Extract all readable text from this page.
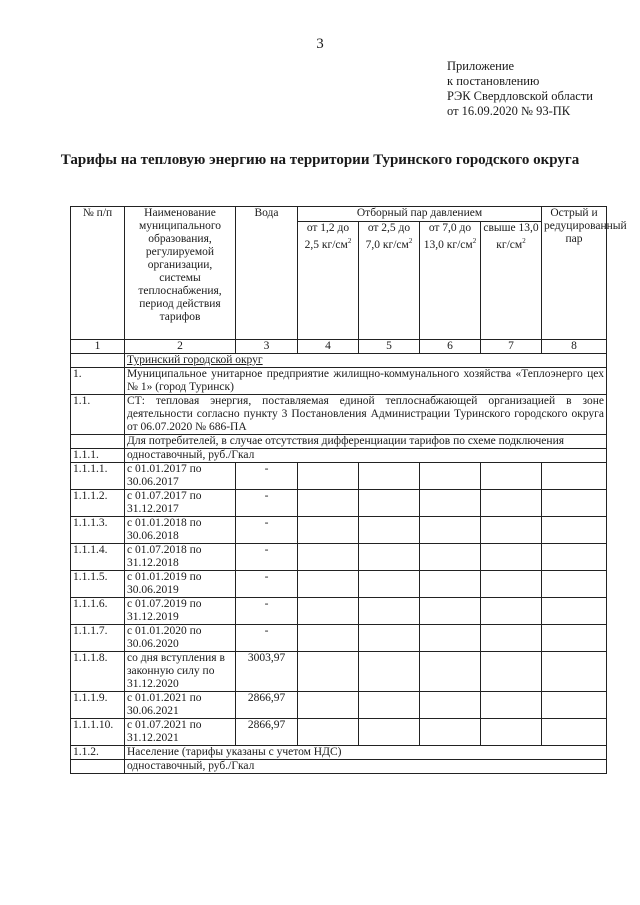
3
Приложение
к постановлению
РЭК Свердловской области
от 16.09.2020 № 93-ПК
Тарифы на тепловую энергию на территории Туринского городского округа
№ п/п	Наименование муниципального образования, регулируемой организации, системы теплоснабжения, период действия тарифов	Вода	Отборный пар давлением				Острый и редуцированный пар
			от 1,2 до 2,5 $кг/см^2$	от 2,5 до 7,0 $кг/см^2$	от 7,0 до 13,0 $кг/см^2$	свыше 13,0 $кг/см^2$
1	2	3	4	5	6	7	8
	Туринский городской округ						
1.	Муниципальное унитарное предприятие жилищно-коммунального хозяйства «Теплоэнерго цех № 1» (город Туринск)						
1.1.	СТ: тепловая энергия, поставляемая единой теплоснабжающей организацией в зоне деятельности согласно пункту 3 Постановления Администрации Туринского городского округа от 06.07.2020 № 686-ПА						
	Для потребителей, в случае отсутствия дифференциации тарифов по схеме подключения						
1.1.1.	одноставочный, руб./Гкал						
1.1.1.1.	с 01.01.2017 по 30.06.2017	-					
1.1.1.2.	с 01.07.2017 по 31.12.2017	-					
1.1.1.3.	с 01.01.2018 по 30.06.2018	-					
1.1.1.4.	с 01.07.2018 по 31.12.2018	-					
1.1.1.5.	с 01.01.2019 по 30.06.2019	-					
1.1.1.6.	с 01.07.2019 по 31.12.2019	-					
1.1.1.7.	с 01.01.2020 по 30.06.2020	-					
1.1.1.8.	со дня вступления в законную силу по 31.12.2020	3003,97					
1.1.1.9.	с 01.01.2021 по 30.06.2021	2866,97					
1.1.1.10.	с 01.07.2021 по 31.12.2021	2866,97					
1.1.2.	Население (тарифы указаны с учетом НДС)						
	одноставочный, руб./Гкал						
